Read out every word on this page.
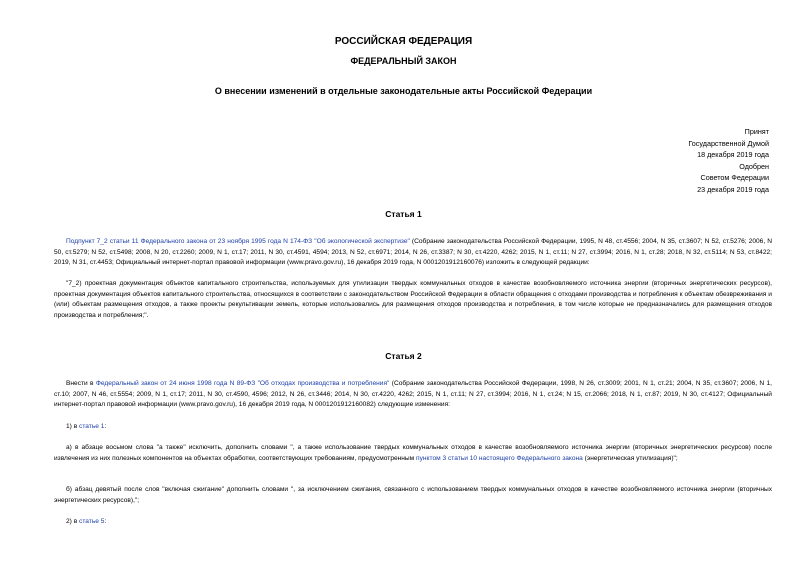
РОССИЙСКАЯ ФЕДЕРАЦИЯ
ФЕДЕРАЛЬНЫЙ ЗАКОН
О внесении изменений в отдельные законодательные акты Российской Федерации
Принят
Государственной Думой
18 декабря 2019 года
Одобрен
Советом Федерации
23 декабря 2019 года
Статья 1
Подпункт 7_2 статьи 11 Федерального закона от 23 ноября 1995 года N 174-ФЗ "Об экологической экспертизе" (Собрание законодательства Российской Федерации, 1995, N 48, ст.4556; 2004, N 35, ст.3607; N 52, ст.5276; 2006, N 50, ст.5279; N 52, ст.5498; 2008, N 20, ст.2260; 2009, N 1, ст.17; 2011, N 30, ст.4591, 4594; 2013, N 52, ст.6971; 2014, N 26, ст.3387; N 30, ст.4220, 4262; 2015, N 1, ст.11; N 27, ст.3994; 2016, N 1, ст.28; 2018, N 32, ст.5114; N 53, ст.8422; 2019, N 31, ст.4453; Официальный интернет-портал правовой информации (www.pravo.gov.ru), 16 декабря 2019 года, N 0001201912160076) изложить в следующей редакции:
"7_2) проектная документация объектов капитального строительства, используемых для утилизации твердых коммунальных отходов в качестве возобновляемого источника энергии (вторичных энергетических ресурсов), проектная документация объектов капитального строительства, относящихся в соответствии с законодательством Российской Федерации в области обращения с отходами производства и потребления к объектам обезвреживания и (или) объектам размещения отходов, а также проекты рекультивации земель, которые использовались для размещения отходов производства и потребления, в том числе которые не предназначались для размещения отходов производства и потребления;".
Статья 2
Внести в Федеральный закон от 24 июня 1998 года N 89-ФЗ "Об отходах производства и потребления" (Собрание законодательства Российской Федерации, 1998, N 26, ст.3009; 2001, N 1, ст.21; 2004, N 35, ст.3607; 2006, N 1, ст.10; 2007, N 46, ст.5554; 2009, N 1, ст.17; 2011, N 30, ст.4590, 4596; 2012, N 26, ст.3446; 2014, N 30, ст.4220, 4262; 2015, N 1, ст.11; N 27, ст.3994; 2016, N 1, ст.24; N 15, ст.2066; 2018, N 1, ст.87; 2019, N 30, ст.4127; Официальный интернет-портал правовой информации (www.pravo.gov.ru), 16 декабря 2019 года, N 0001201912160082) следующие изменения:
1) в статье 1:
а) в абзаце восьмом слова "а также" исключить, дополнить словами ", а также использование твердых коммунальных отходов в качестве возобновляемого источника энергии (вторичных энергетических ресурсов) после извлечения из них полезных компонентов на объектах обработки, соответствующих требованиям, предусмотренным пунктом 3 статьи 10 настоящего Федерального закона (энергетическая утилизация)";
б) абзац девятый после слов "включая сжигание" дополнить словами ", за исключением сжигания, связанного с использованием твердых коммунальных отходов в качестве возобновляемого источника энергии (вторичных энергетических ресурсов),";
2) в статье 5:
